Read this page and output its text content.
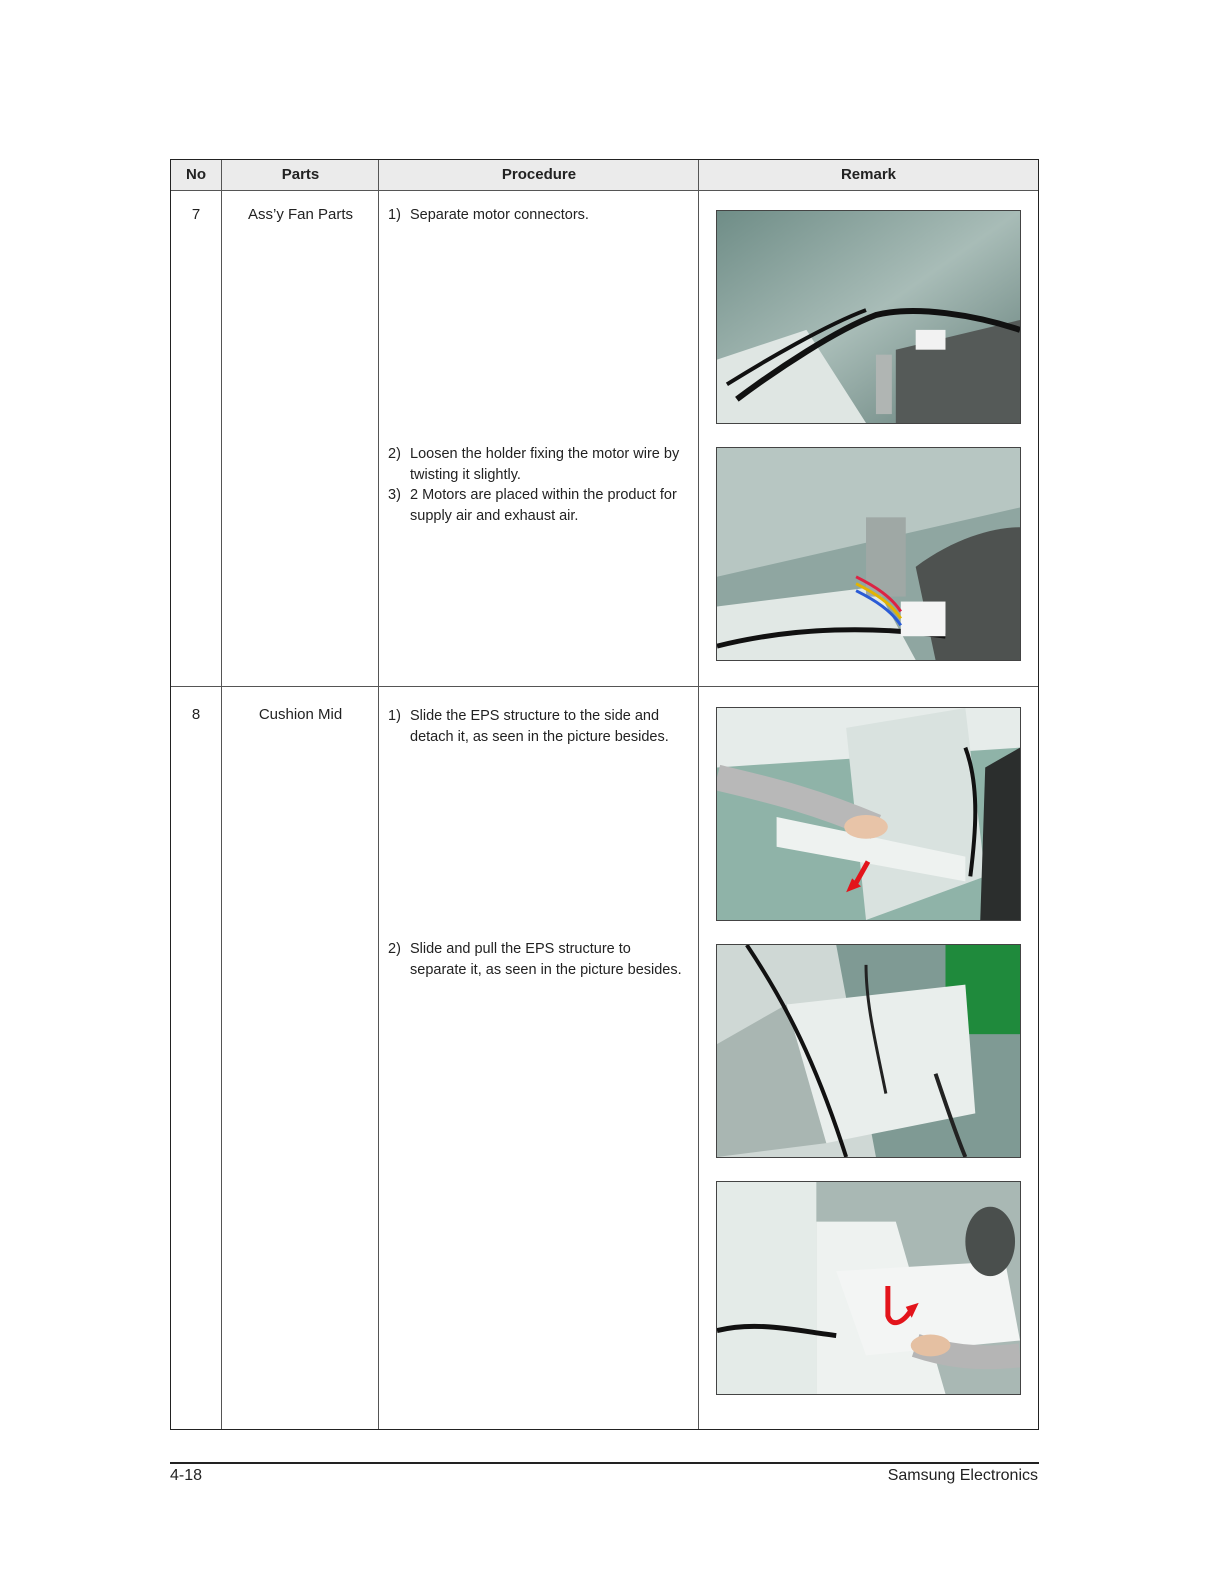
No	Parts	Procedure	Remark
7	Ass’y Fan Parts	1) Separate motor connectors.
2) Loosen the holder fixing the motor wire by twisting it slightly.
3) 2 Motors are placed within the product for supply air and exhaust air.
8	Cushion Mid	1) Slide the EPS structure to the side and detach it, as seen in the picture besides.
2) Slide and pull the EPS structure to separate it, as seen in the picture besides.
4-18	Samsung Electronics
